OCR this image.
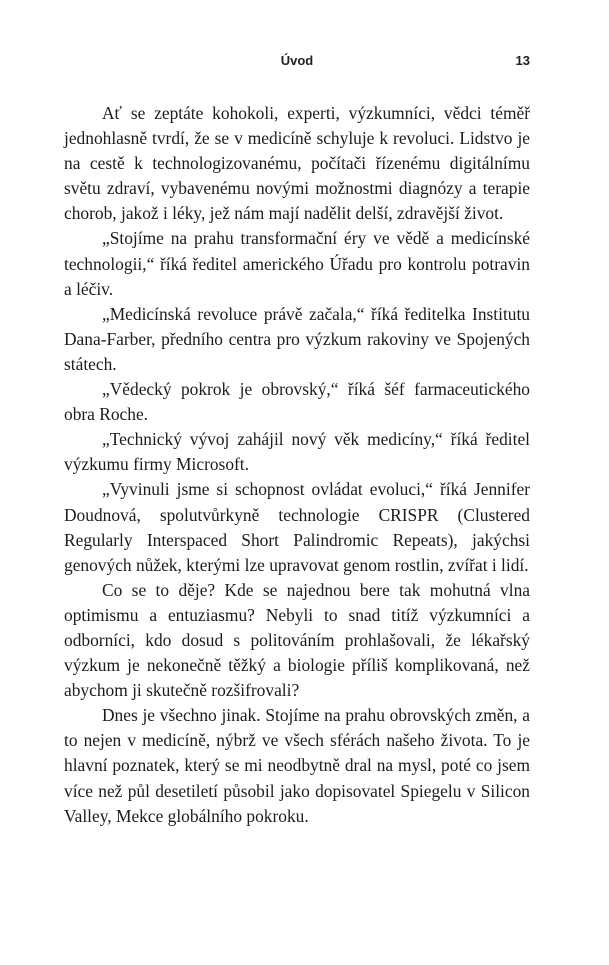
Úvod	13

Ať se zeptáte kohokoli, experti, výzkumníci, vědci téměř jednohlasně tvrdí, že se v medicíně schyluje k revoluci. Lidstvo je na cestě k technologizovanému, počítači řízenému digitálnímu světu zdraví, vybavenému novými možnostmi diagnózy a terapie chorob, jakož i léky, jež nám mají nadělit delší, zdravější život.

„Stojíme na prahu transformační éry ve vědě a medicínské technologii,“ říká ředitel amerického Úřadu pro kontrolu potravin a léčiv.

„Medicínská revoluce právě začala,“ říká ředitelka Institutu Dana-Farber, předního centra pro výzkum rakoviny ve Spojených státech.

„Vědecký pokrok je obrovský,“ říká šéf farmaceutického obra Roche.

„Technický vývoj zahájil nový věk medicíny,“ říká ředitel výzkumu firmy Microsoft.

„Vyvinuli jsme si schopnost ovládat evoluci,“ říká Jennifer Doudnová, spolutvůrkyně technologie CRISPR (Clustered Regularly Interspaced Short Palindromic Repeats), jakýchsi genových nůžek, kterými lze upravovat genom rostlin, zvířat i lidí.

Co se to děje? Kde se najednou bere tak mohutná vlna optimismu a entuziasmu? Nebyli to snad titíž výzkumníci a odborníci, kdo dosud s politováním prohlašovali, že lékařský výzkum je nekonečně těžký a biologie příliš komplikovaná, než abychom ji skutečně rozšifrovali?

Dnes je všechno jinak. Stojíme na prahu obrovských změn, a to nejen v medicíně, nýbrž ve všech sférách našeho života. To je hlavní poznatek, který se mi neodbytně dral na mysl, poté co jsem více než půl desetiletí působil jako dopisovatel Spiegelu v Silicon Valley, Mekce globálního pokroku.
